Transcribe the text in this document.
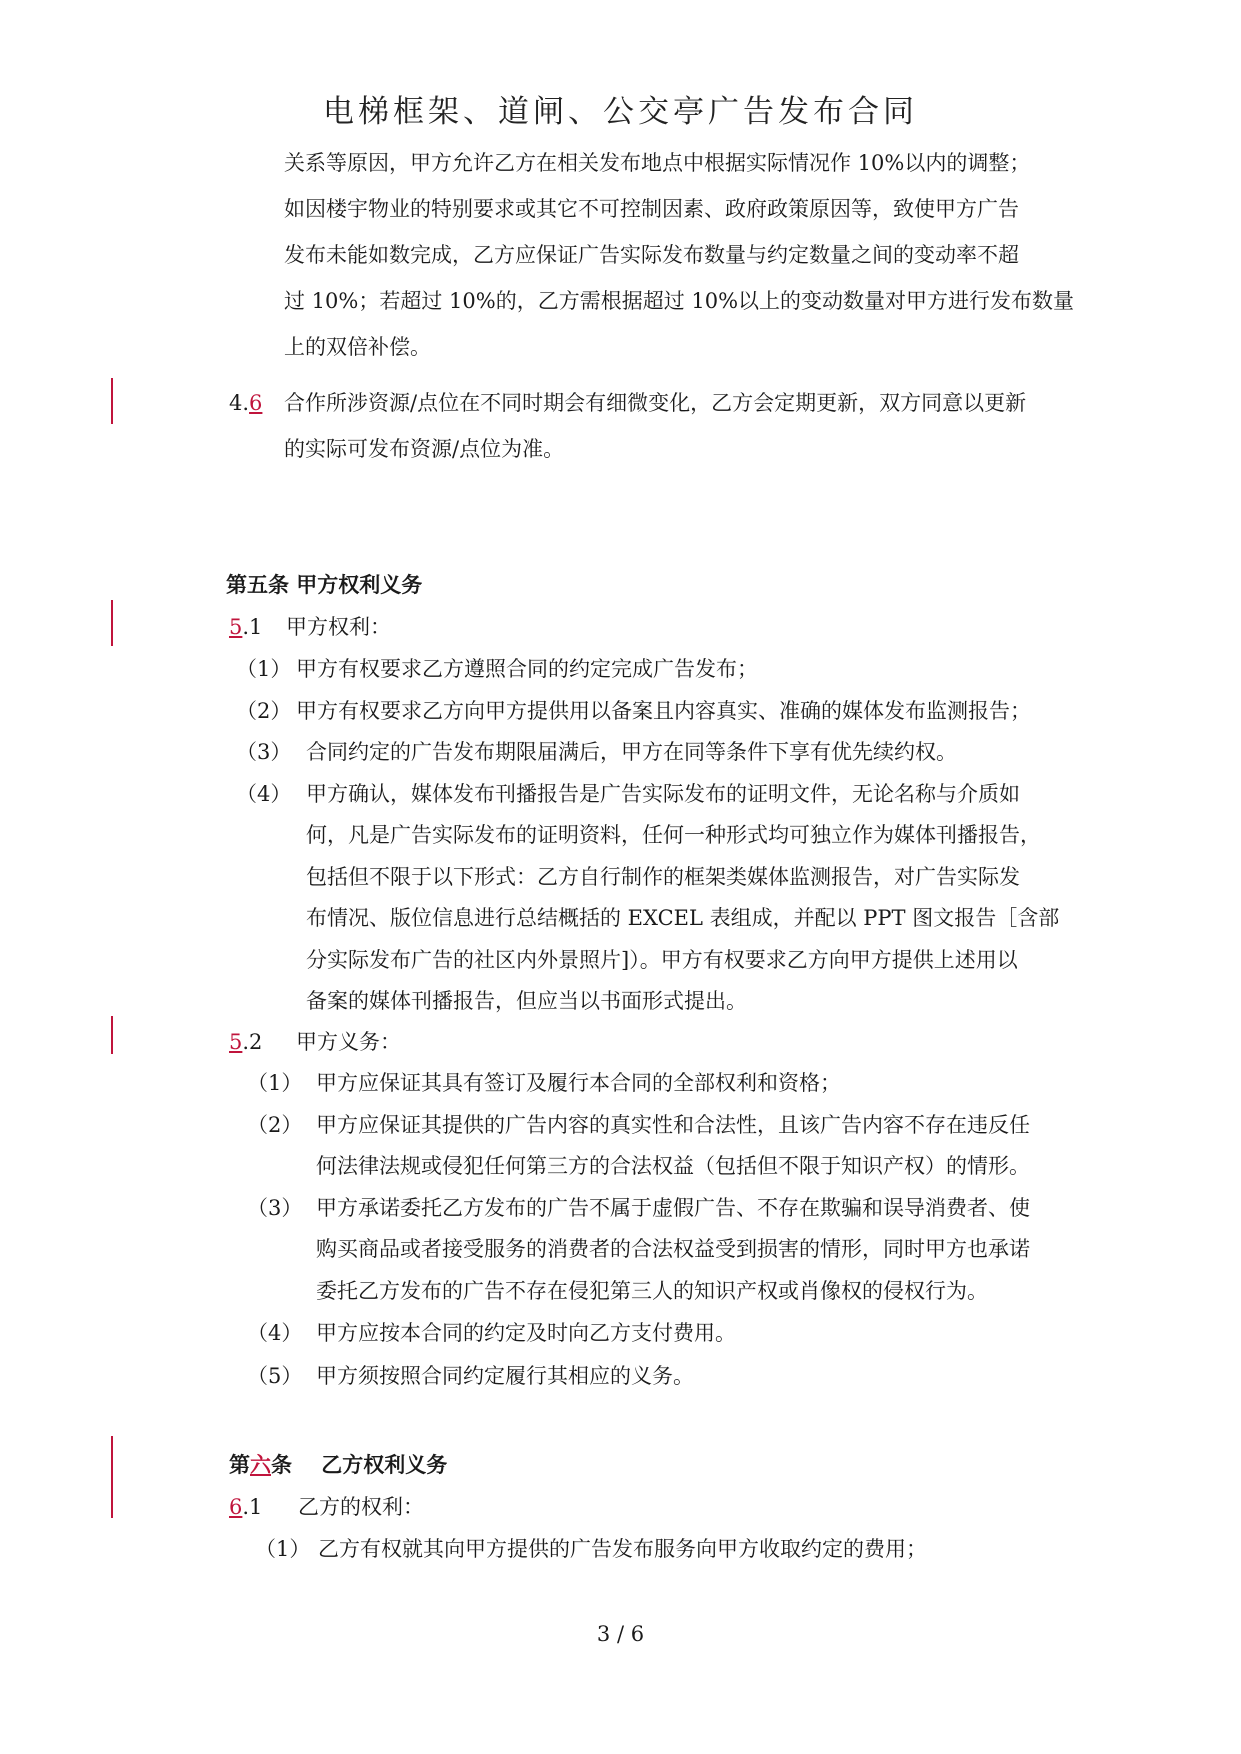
电梯框架、道闸、公交亭广告发布合同
关系等原因，甲方允许乙方在相关发布地点中根据实际情况作 10%以内的调整；
如因楼宇物业的特别要求或其它不可控制因素、政府政策原因等，致使甲方广告
发布未能如数完成，乙方应保证广告实际发布数量与约定数量之间的变动率不超
过 10%；若超过 10%的，乙方需根据超过 10%以上的变动数量对甲方进行发布数量
上的双倍补偿。
4.6 合作所涉资源/点位在不同时期会有细微变化，乙方会定期更新，双方同意以更新
的实际可发布资源/点位为准。
第五条 甲方权利义务
5.1 甲方权利：
（1） 甲方有权要求乙方遵照合同的约定完成广告发布；
（2） 甲方有权要求乙方向甲方提供用以备案且内容真实、准确的媒体发布监测报告；
（3） 合同约定的广告发布期限届满后，甲方在同等条件下享有优先续约权。
（4） 甲方确认，媒体发布刊播报告是广告实际发布的证明文件，无论名称与介质如
何，凡是广告实际发布的证明资料，任何一种形式均可独立作为媒体刊播报告，
包括但不限于以下形式：乙方自行制作的框架类媒体监测报告，对广告实际发
布情况、版位信息进行总结概括的 EXCEL 表组成，并配以 PPT 图文报告［含部
分实际发布广告的社区内外景照片]）。甲方有权要求乙方向甲方提供上述用以
备案的媒体刊播报告，但应当以书面形式提出。
5.2 甲方义务：
（1） 甲方应保证其具有签订及履行本合同的全部权利和资格；
（2） 甲方应保证其提供的广告内容的真实性和合法性，且该广告内容不存在违反任
何法律法规或侵犯任何第三方的合法权益（包括但不限于知识产权）的情形。
（3） 甲方承诺委托乙方发布的广告不属于虚假广告、不存在欺骗和误导消费者、使
购买商品或者接受服务的消费者的合法权益受到损害的情形，同时甲方也承诺
委托乙方发布的广告不存在侵犯第三人的知识产权或肖像权的侵权行为。
（4） 甲方应按本合同的约定及时向乙方支付费用。
（5） 甲方须按照合同约定履行其相应的义务。
第六条    乙方权利义务
6.1 乙方的权利：
（1） 乙方有权就其向甲方提供的广告发布服务向甲方收取约定的费用；
3 / 6
